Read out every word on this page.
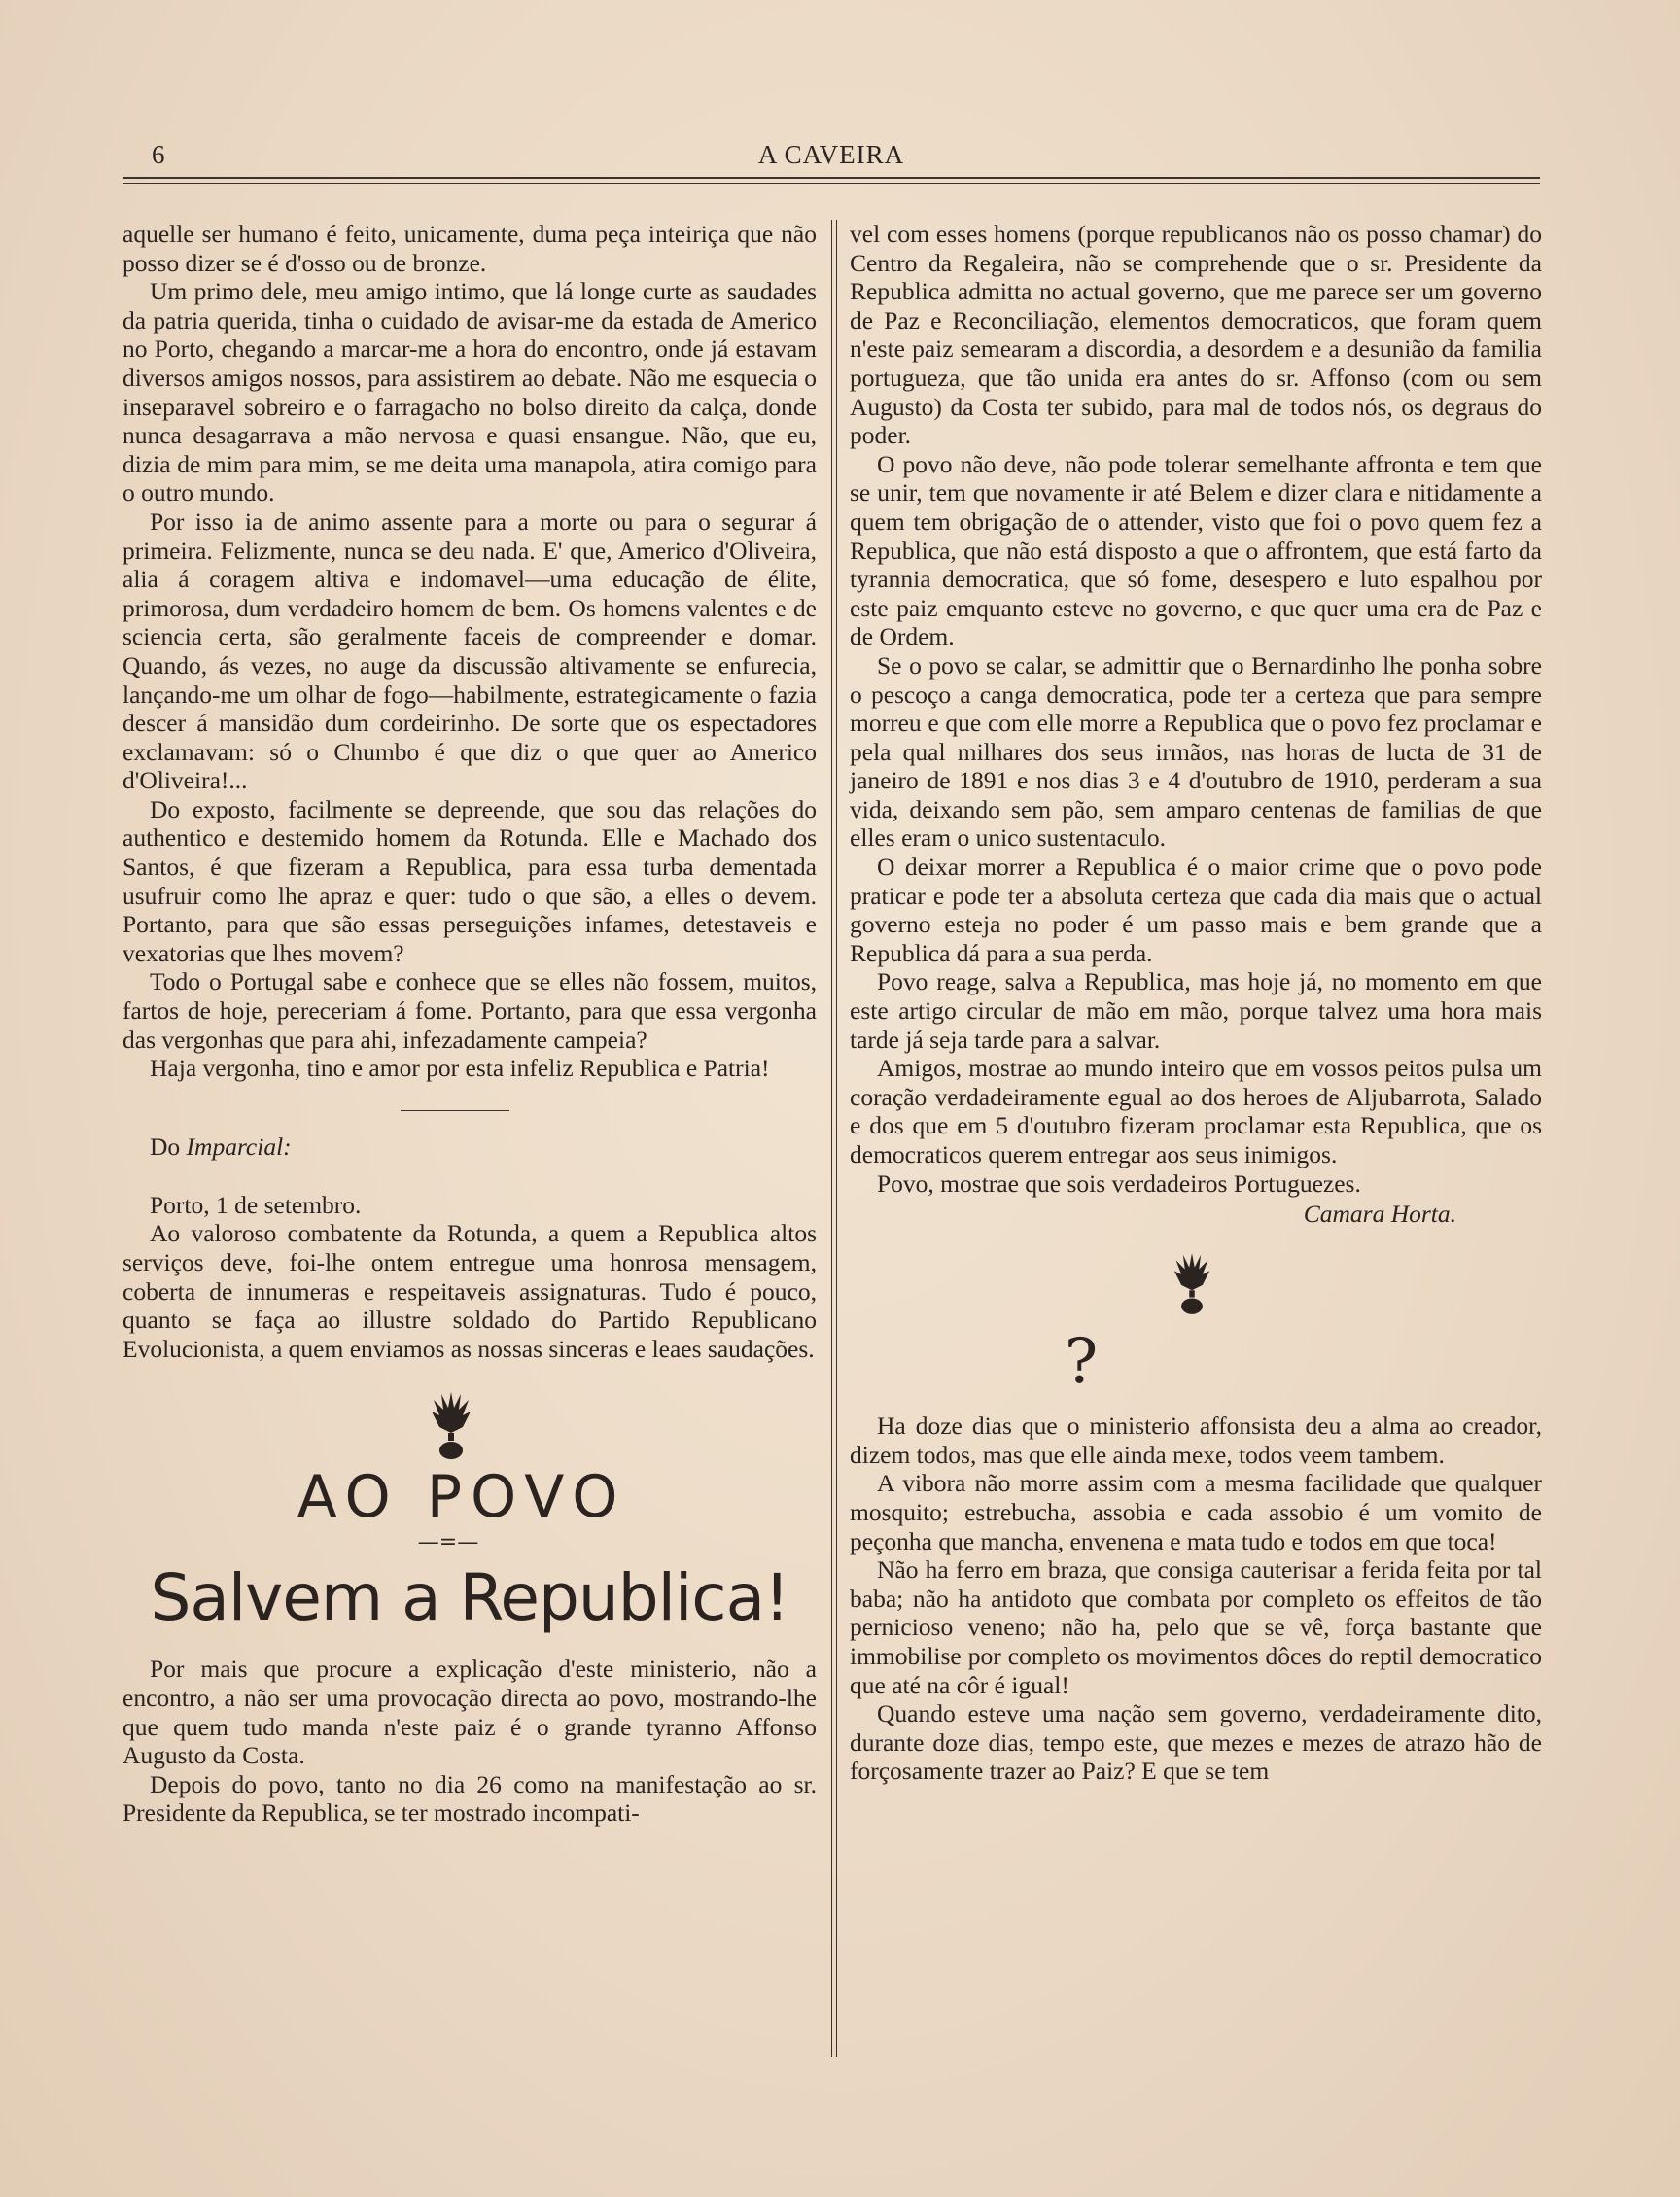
6	A CAVEIRA

aquelle ser humano é feito, unicamente, duma peça inteiriça que não posso dizer se é d'osso ou de bronze.

Um primo dele, meu amigo intimo, que lá longe curte as saudades da patria querida, tinha o cuidado de avisar-me da estada de Americo no Porto, chegando a marcar-me a hora do encontro, onde já estavam diversos amigos nossos, para assistirem ao debate. Não me esquecia o inseparavel sobreiro e o farragacho no bolso direito da calça, donde nunca desagarrava a mão nervosa e quasi ensangue. Não, que eu, dizia de mim para mim, se me deita uma manapola, atira comigo para o outro mundo.

Por isso ia de animo assente para a morte ou para o segurar á primeira. Felizmente, nunca se deu nada. E' que, Americo d'Oliveira, alia á coragem altiva e indomavel—uma educação de élite, primorosa, dum verdadeiro homem de bem. Os homens valentes e de sciencia certa, são geralmente faceis de compreender e domar. Quando, ás vezes, no auge da discussão altivamente se enfurecia, lançando-me um olhar de fogo—habilmente, estrategicamente o fazia descer á mansidão dum cordeirinho. De sorte que os espectadores exclamavam: só o Chumbo é que diz o que quer ao Americo d'Oliveira!...

Do exposto, facilmente se depreende, que sou das relações do authentico e destemido homem da Rotunda. Elle e Machado dos Santos, é que fizeram a Republica, para essa turba dementada usufruir como lhe apraz e quer: tudo o que são, a elles o devem. Portanto, para que são essas perseguições infames, detestaveis e vexatorias que lhes movem?

Todo o Portugal sabe e conhece que se elles não fossem, muitos, fartos de hoje, pereceriam á fome. Portanto, para que essa vergonha das vergonhas que para ahi, infezadamente campeia?

Haja vergonha, tino e amor por esta infeliz Republica e Patria!

Do Imparcial:

Porto, 1 de setembro.

Ao valoroso combatente da Rotunda, a quem a Republica altos serviços deve, foi-lhe ontem entregue uma honrosa mensagem, coberta de innumeras e respeitaveis assignaturas. Tudo é pouco, quanto se faça ao illustre soldado do Partido Republicano Evolucionista, a quem enviamos as nossas sinceras e leaes saudações.

AO POVO
—=—
Salvem a Republica!

Por mais que procure a explicação d'este ministerio, não a encontro, a não ser uma provocação directa ao povo, mostrando-lhe que quem tudo manda n'este paiz é o grande tyranno Affonso Augusto da Costa.

Depois do povo, tanto no dia 26 como na manifestação ao sr. Presidente da Republica, se ter mostrado incompati-

vel com esses homens (porque republicanos não os posso chamar) do Centro da Regaleira, não se comprehende que o sr. Presidente da Republica admitta no actual governo, que me parece ser um governo de Paz e Reconciliação, elementos democraticos, que foram quem n'este paiz semearam a discordia, a desordem e a desunião da familia portugueza, que tão unida era antes do sr. Affonso (com ou sem Augusto) da Costa ter subido, para mal de todos nós, os degraus do poder.

O povo não deve, não pode tolerar semelhante affronta e tem que se unir, tem que novamente ir até Belem e dizer clara e nitidamente a quem tem obrigação de o attender, visto que foi o povo quem fez a Republica, que não está disposto a que o affrontem, que está farto da tyrannia democratica, que só fome, desespero e luto espalhou por este paiz emquanto esteve no governo, e que quer uma era de Paz e de Ordem.

Se o povo se calar, se admittir que o Bernardinho lhe ponha sobre o pescoço a canga democratica, pode ter a certeza que para sempre morreu e que com elle morre a Republica que o povo fez proclamar e pela qual milhares dos seus irmãos, nas horas de lucta de 31 de janeiro de 1891 e nos dias 3 e 4 d'outubro de 1910, perderam a sua vida, deixando sem pão, sem amparo centenas de familias de que elles eram o unico sustentaculo.

O deixar morrer a Republica é o maior crime que o povo pode praticar e pode ter a absoluta certeza que cada dia mais que o actual governo esteja no poder é um passo mais e bem grande que a Republica dá para a sua perda.

Povo reage, salva a Republica, mas hoje já, no momento em que este artigo circular de mão em mão, porque talvez uma hora mais tarde já seja tarde para a salvar.

Amigos, mostrae ao mundo inteiro que em vossos peitos pulsa um coração verdadeiramente egual ao dos heroes de Aljubarrota, Salado e dos que em 5 d'outubro fizeram proclamar esta Republica, que os democraticos querem entregar aos seus inimigos.

Povo, mostrae que sois verdadeiros Portuguezes.

Camara Horta.
?

Ha doze dias que o ministerio affonsista deu a alma ao creador, dizem todos, mas que elle ainda mexe, todos veem tambem.

A vibora não morre assim com a mesma facilidade que qualquer mosquito; estrebucha, assobia e cada assobio é um vomito de peçonha que mancha, envenena e mata tudo e todos em que toca!

Não ha ferro em braza, que consiga cauterisar a ferida feita por tal baba; não ha antidoto que combata por completo os effeitos de tão pernicioso veneno; não ha, pelo que se vê, força bastante que immobilise por completo os movimentos dôces do reptil democratico que até na côr é igual!

Quando esteve uma nação sem governo, verdadeiramente dito, durante doze dias, tempo este, que mezes e mezes de atrazo hão de forçosamente trazer ao Paiz? E que se tem
